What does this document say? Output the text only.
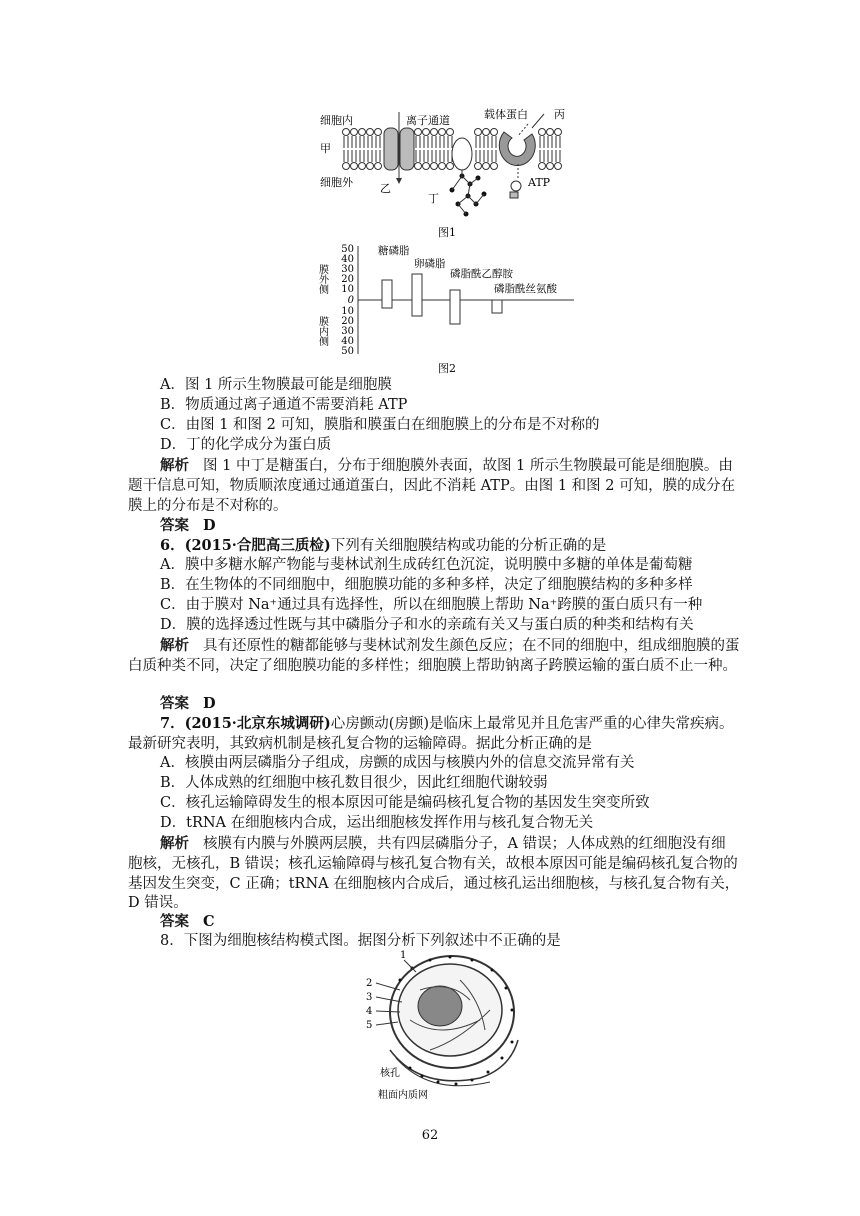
细胞内
甲
细胞外
离子通道	载体蛋白 丙
乙
丁
ATP
图1
50
40
30
20
10
0
10
20
30
40
50
膜外侧
膜内侧
糖磷脂
卵磷脂
磷脂酰乙醇胺
磷脂酰丝氨酸
图2
A．图 1 所示生物膜最可能是细胞膜
B．物质通过离子通道不需要消耗 ATP
C．由图 1 和图 2 可知，膜脂和膜蛋白在细胞膜上的分布是不对称的
D．丁的化学成分为蛋白质
解析 图 1 中丁是糖蛋白，分布于细胞膜外表面，故图 1 所示生物膜最可能是细胞膜。由题干信息可知，物质顺浓度通过通道蛋白，因此不消耗 ATP。由图 1 和图 2 可知，膜的成分在膜上的分布是不对称的。
答案 D
6．(2015·合肥高三质检)下列有关细胞膜结构或功能的分析正确的是
A．膜中多糖水解产物能与斐林试剂生成砖红色沉淀，说明膜中多糖的单体是葡萄糖
B．在生物体的不同细胞中，细胞膜功能的多种多样，决定了细胞膜结构的多种多样
C．由于膜对 Na⁺通过具有选择性，所以在细胞膜上帮助 Na⁺跨膜的蛋白质只有一种
D．膜的选择透过性既与其中磷脂分子和水的亲疏有关又与蛋白质的种类和结构有关
解析 具有还原性的糖都能够与斐林试剂发生颜色反应；在不同的细胞中，组成细胞膜的蛋白质种类不同，决定了细胞膜功能的多样性；细胞膜上帮助钠离子跨膜运输的蛋白质不止一种。
答案 D
7．(2015·北京东城调研)心房颤动(房颤)是临床上最常见并且危害严重的心律失常疾病。最新研究表明，其致病机制是核孔复合物的运输障碍。据此分析正确的是
A．核膜由两层磷脂分子组成，房颤的成因与核膜内外的信息交流异常有关
B．人体成熟的红细胞中核孔数目很少，因此红细胞代谢较弱
C．核孔运输障碍发生的根本原因可能是编码核孔复合物的基因发生突变所致
D．tRNA 在细胞核内合成，运出细胞核发挥作用与核孔复合物无关
解析 核膜有内膜与外膜两层膜，共有四层磷脂分子，A 错误；人体成熟的红细胞没有细胞核，无核孔，B 错误；核孔运输障碍与核孔复合物有关，故根本原因可能是编码核孔复合物的基因发生突变，C 正确；tRNA 在细胞核内合成后，通过核孔运出细胞核，与核孔复合物有关，D 错误。
答案 C
8．下图为细胞核结构模式图。据图分析下列叙述中不正确的是
1
2
3
4
5
核孔
粗面内质网
62
